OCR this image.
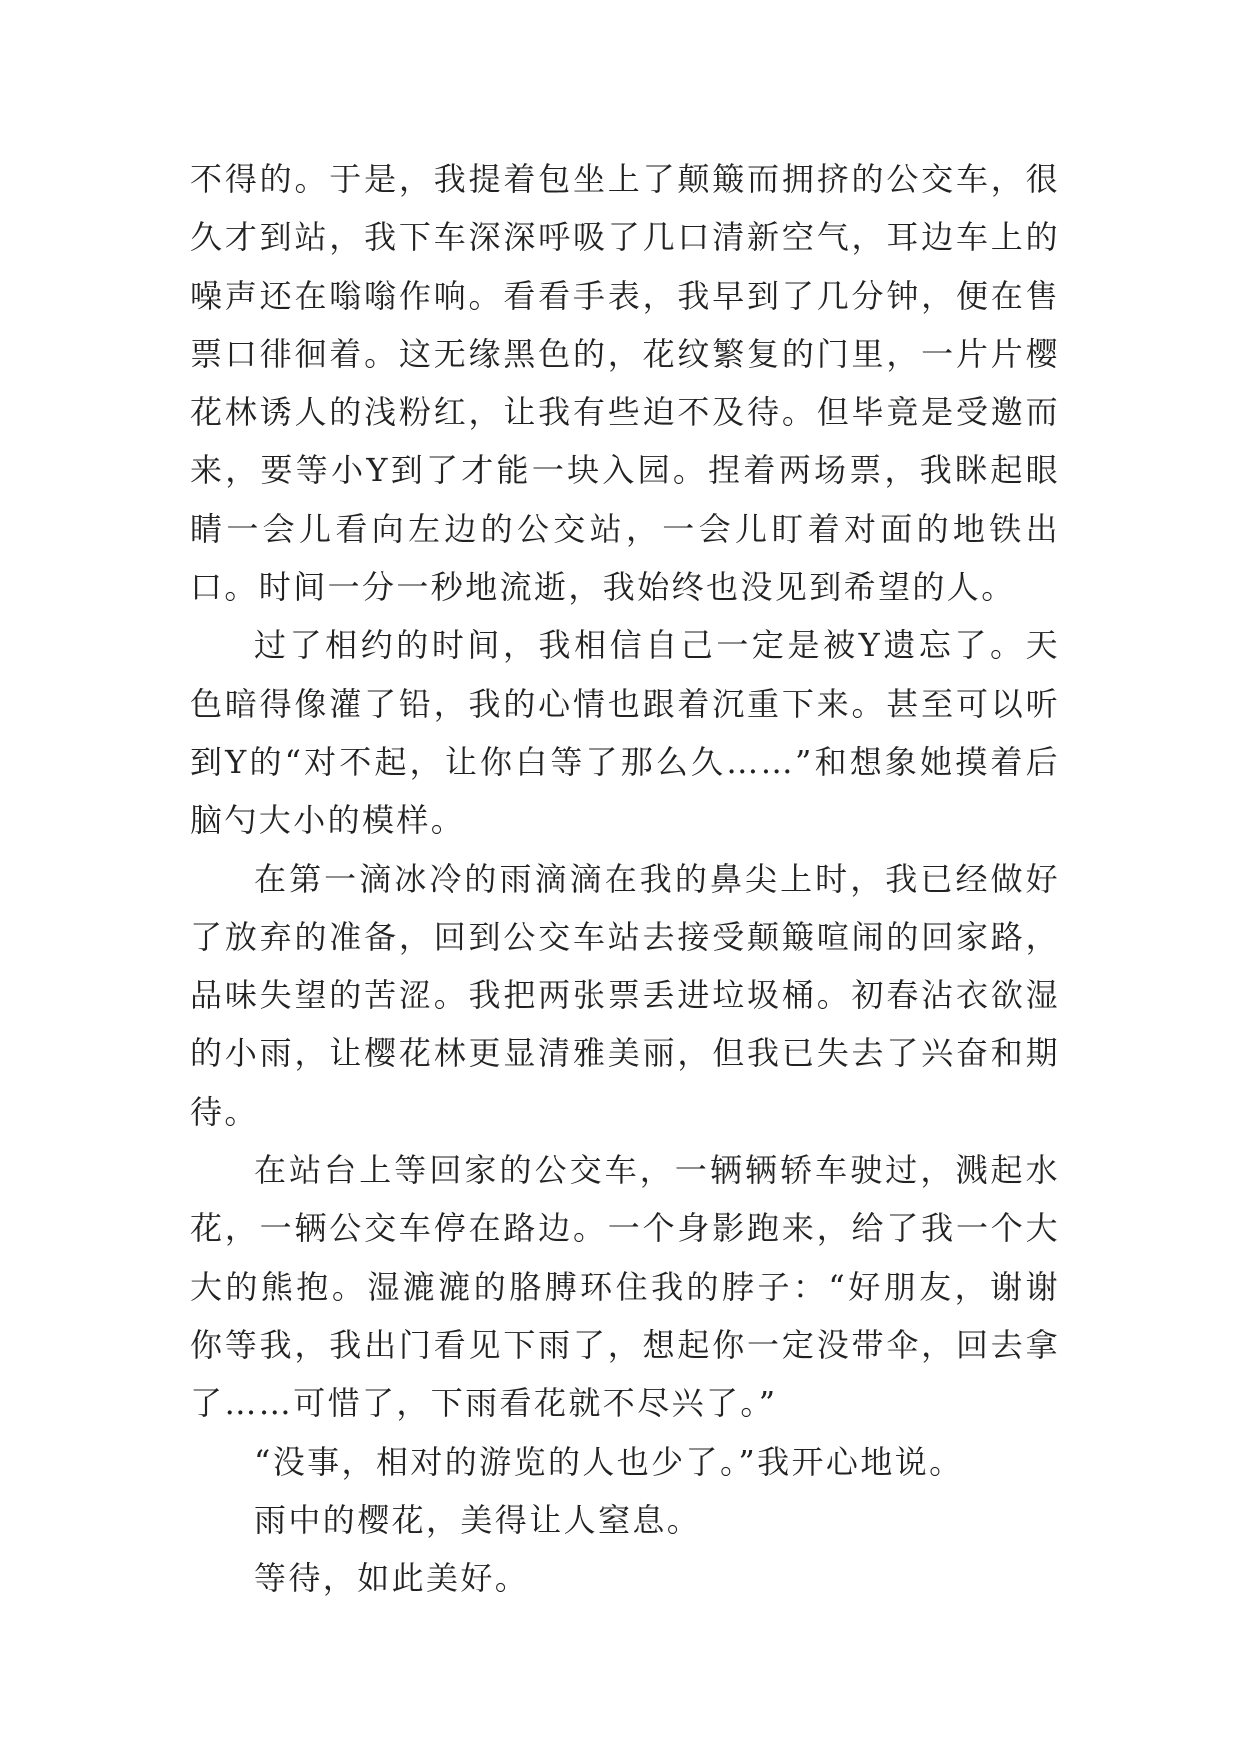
不得的。于是，我提着包坐上了颠簸而拥挤的公交车，很久才到站，我下车深深呼吸了几口清新空气，耳边车上的噪声还在嗡嗡作响。看看手表，我早到了几分钟，便在售票口徘徊着。这无缘黑色的，花纹繁复的门里，一片片樱花林诱人的浅粉红，让我有些迫不及待。但毕竟是受邀而来，要等小Y到了才能一块入园。捏着两场票，我眯起眼睛一会儿看向左边的公交站，一会儿盯着对面的地铁出口。时间一分一秒地流逝，我始终也没见到希望的人。

过了相约的时间，我相信自己一定是被Y遗忘了。天色暗得像灌了铅，我的心情也跟着沉重下来。甚至可以听到Y的“对不起，让你白等了那么久……”和想象她摸着后脑勺大小的模样。

在第一滴冰冷的雨滴滴在我的鼻尖上时，我已经做好了放弃的准备，回到公交车站去接受颠簸喧闹的回家路，品味失望的苦涩。我把两张票丢进垃圾桶。初春沾衣欲湿的小雨，让樱花林更显清雅美丽，但我已失去了兴奋和期待。

在站台上等回家的公交车，一辆辆轿车驶过，溅起水花，一辆公交车停在路边。一个身影跑来，给了我一个大大的熊抱。湿漉漉的胳膊环住我的脖子：“好朋友，谢谢你等我，我出门看见下雨了，想起你一定没带伞，回去拿了……可惜了，下雨看花就不尽兴了。”

“没事，相对的游览的人也少了。”我开心地说。

雨中的樱花，美得让人窒息。

等待，如此美好。
